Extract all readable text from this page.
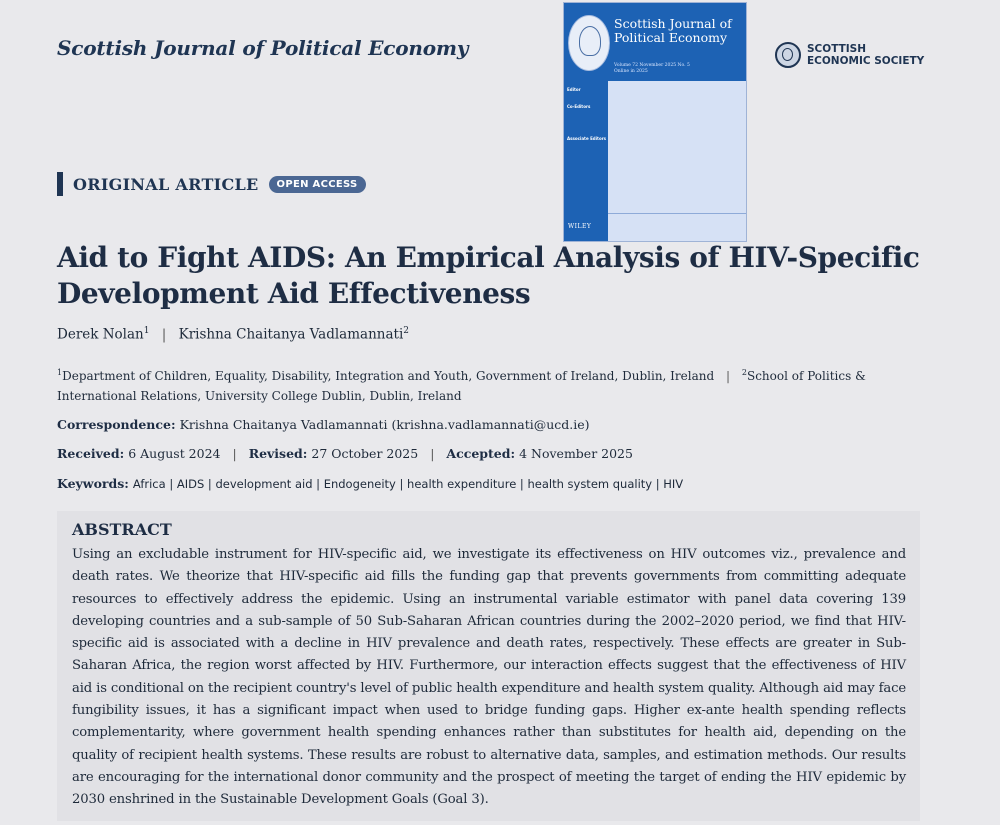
Scottish Journal of Political Economy
Scottish Journal of Political Economy
Volume 72 November 2025 No. 5
Online in 2025
Editor

Co-Editors

Associate Editors
WILEY
SCOTTISH
ECONOMIC SOCIETY
ORIGINAL ARTICLE	OPEN ACCESS
Aid to Fight AIDS: An Empirical Analysis of HIV-Specific Development Aid Effectiveness
Derek Nolan$^1$ | Krishna Chaitanya Vadlamannati$^2$
$^1$Department of Children, Equality, Disability, Integration and Youth, Government of Ireland, Dublin, Ireland | $^2$School of Politics & International Relations, University College Dublin, Dublin, Ireland
Correspondence: Krishna Chaitanya Vadlamannati (krishna.vadlamannati@ucd.ie)
Received: 6 August 2024 | Revised: 27 October 2025 | Accepted: 4 November 2025
Keywords: Africa | AIDS | development aid | Endogeneity | health expenditure | health system quality | HIV
ABSTRACT
Using an excludable instrument for HIV-specific aid, we investigate its effectiveness on HIV outcomes viz., prevalence and death rates. We theorize that HIV-specific aid fills the funding gap that prevents governments from committing adequate resources to effectively address the epidemic. Using an instrumental variable estimator with panel data covering 139 developing countries and a sub-sample of 50 Sub-Saharan African countries during the 2002–2020 period, we find that HIV-specific aid is associated with a decline in HIV prevalence and death rates, respectively. These effects are greater in Sub-Saharan Africa, the region worst affected by HIV. Furthermore, our interaction effects suggest that the effectiveness of HIV aid is conditional on the recipient country's level of public health expenditure and health system quality. Although aid may face fungibility issues, it has a significant impact when used to bridge funding gaps. Higher ex-ante health spending reflects complementarity, where government health spending enhances rather than substitutes for health aid, depending on the quality of recipient health systems. These results are robust to alternative data, samples, and estimation methods. Our results are encouraging for the international donor community and the prospect of meeting the target of ending the HIV epidemic by 2030 enshrined in the Sustainable Development Goals (Goal 3).
